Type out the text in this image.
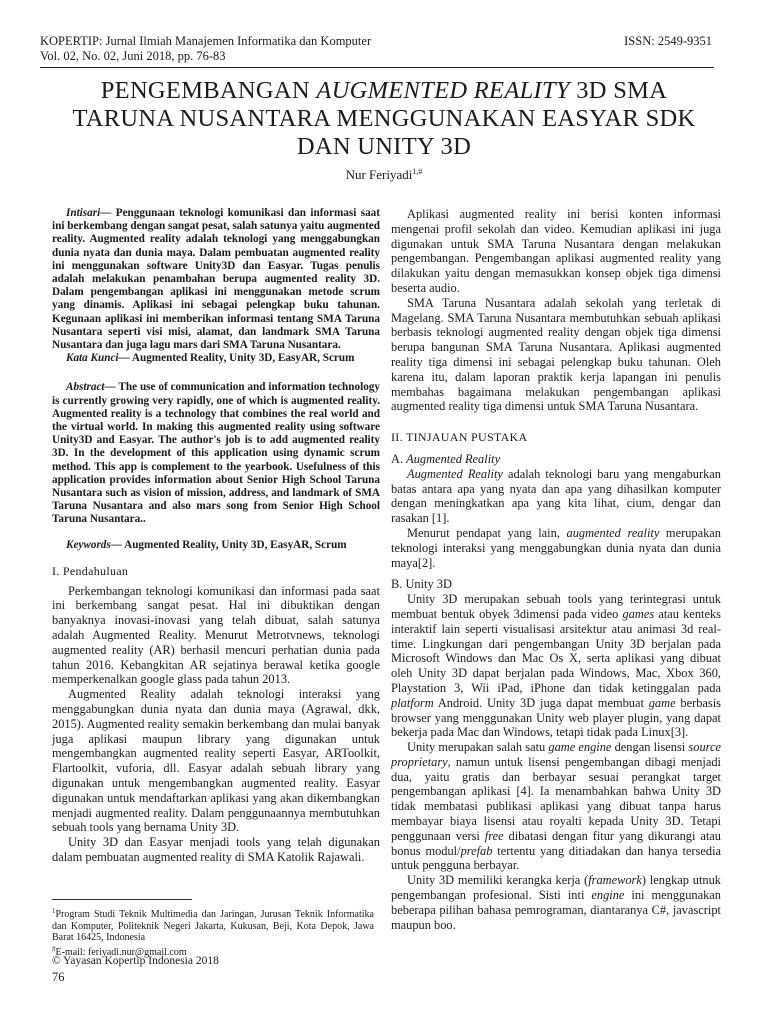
KOPERTIP: Jurnal Ilmiah Manajemen Informatika dan Komputer
Vol. 02, No. 02, Juni 2018, pp. 76-83
ISSN: 2549-9351
PENGEMBANGAN AUGMENTED REALITY 3D SMA TARUNA NUSANTARA MENGGUNAKAN EASYAR SDK DAN UNITY 3D
Nur Feriyadi$^{1,\#}$

Intisari— Penggunaan teknologi komunikasi dan informasi saat ini berkembang dengan sangat pesat, salah satunya yaitu augmented reality. Augmented reality adalah teknologi yang menggabungkan dunia nyata dan dunia maya. Dalam pembuatan augmented reality ini menggunakan software Unity3D dan Easyar. Tugas penulis adalah melakukan penambahan berupa augmented reality 3D. Dalam pengembangan aplikasi ini menggunakan metode scrum yang dinamis. Aplikasi ini sebagai pelengkap buku tahunan. Kegunaan aplikasi ini memberikan informasi tentang SMA Taruna Nusantara seperti visi misi, alamat, dan landmark SMA Taruna Nusantara dan juga lagu mars dari SMA Taruna Nusantara.

Kata Kunci— Augmented Reality, Unity 3D, EasyAR, Scrum

Abstract— The use of communication and information technology is currently growing very rapidly, one of which is augmented reality. Augmented reality is a technology that combines the real world and the virtual world. In making this augmented reality using software Unity3D and Easyar. The author's job is to add augmented reality 3D. In the development of this application using dynamic scrum method. This app is complement to the yearbook. Usefulness of this application provides information about Senior High School Taruna Nusantara such as vision of mission, address, and landmark of SMA Taruna Nusantara and also mars song from Senior High School Taruna Nusantara..

Keywords— Augmented Reality, Unity 3D, EasyAR, Scrum

I. Pendahuluan

Perkembangan teknologi komunikasi dan informasi pada saat ini berkembang sangat pesat. Hal ini dibuktikan dengan banyaknya inovasi-inovasi yang telah dibuat, salah satunya adalah Augmented Reality. Menurut Metrotvnews, teknologi augmented reality (AR) berhasil mencuri perhatian dunia pada tahun 2016. Kebangkitan AR sejatinya berawal ketika google memperkenalkan google glass pada tahun 2013.

Augmented Reality adalah teknologi interaksi yang menggabungkan dunia nyata dan dunia maya (Agrawal, dkk, 2015). Augmented reality semakin berkembang dan mulai banyak juga aplikasi maupun library yang digunakan untuk mengembangkan augmented reality seperti Easyar, ARToolkit, Flartoolkit, vuforia, dll. Easyar adalah sebuah library yang digunakan untuk mengembangkan augmented reality. Easyar digunakan untuk mendaftarkan aplikasi yang akan dikembangkan menjadi augmented reality. Dalam penggunaannya membutuhkan sebuah tools yang bernama Unity 3D.

Unity 3D dan Easyar menjadi tools yang telah digunakan dalam pembuatan augmented reality di SMA Katolik Rajawali.

Aplikasi augmented reality ini berisi konten informasi mengenai profil sekolah dan video. Kemudian aplikasi ini juga digunakan untuk SMA Taruna Nusantara dengan melakukan pengembangan. Pengembangan aplikasi augmented reality yang dilakukan yaitu dengan memasukkan konsep objek tiga dimensi beserta audio.

SMA Taruna Nusantara adalah sekolah yang terletak di Magelang. SMA Taruna Nusantara membutuhkan sebuah aplikasi berbasis teknologi augmented reality dengan objek tiga dimensi berupa bangunan SMA Taruna Nusantara. Aplikasi augmented reality tiga dimensi ini sebagai pelengkap buku tahunan. Oleh karena itu, dalam laporan praktik kerja lapangan ini penulis membahas bagaimana melakukan pengembangan aplikasi augmented reality tiga dimensi untuk SMA Taruna Nusantara.

II. TINJAUAN PUSTAKA

A. Augmented Reality

Augmented Reality adalah teknologi baru yang mengaburkan batas antara apa yang nyata dan apa yang dihasilkan komputer dengan meningkatkan apa yang kita lihat, cium, dengar dan rasakan [1].

Menurut pendapat yang lain, augmented reality merupakan teknologi interaksi yang menggabungkan dunia nyata dan dunia maya[2].

B. Unity 3D

Unity 3D merupakan sebuah tools yang terintegrasi untuk membuat bentuk obyek 3dimensi pada video games atau kenteks interaktif lain seperti visualisasi arsitektur atau animasi 3d real-time. Lingkungan dari pengembangan Unity 3D berjalan pada Microsoft Windows dan Mac Os X, serta aplikasi yang dibuat oleh Unity 3D dapat berjalan pada Windows, Mac, Xbox 360, Playstation 3, Wii iPad, iPhone dan tidak ketinggalan pada platform Android. Unity 3D juga dapat membuat game berbasis browser yang menggunakan Unity web player plugin, yang dapat bekerja pada Mac dan Windows, tetapi tidak pada Linux[3].

Unity merupakan salah satu game engine dengan lisensi source proprietary, namun untuk lisensi pengembangan dibagi menjadi dua, yaitu gratis dan berbayar sesuai perangkat target pengembangan aplikasi [4]. Ia menambahkan bahwa Unity 3D tidak membatasi publikasi aplikasi yang dibuat tanpa harus membayar biaya lisensi atau royalti kepada Unity 3D. Tetapi penggunaan versi free dibatasi dengan fitur yang dikurangi atau bonus modul/prefab tertentu yang ditiadakan dan hanya tersedia untuk pengguna berbayar.

Unity 3D memiliki kerangka kerja (framework) lengkap utnuk pengembangan profesional. Sisti inti engine ini menggunakan beberapa pilihan bahasa pemrograman, diantaranya C#, javascript maupun boo.

$^1$Program Studi Teknik Multimedia dan Jaringan, Jurusan Teknik Informatika dan Komputer, Politeknik Negeri Jakarta, Kukusan, Beji, Kota Depok, Jawa Barat 16425, Indonesia
#E-mail: feriyadi.nur@gmail.com
© Yayasan Kopertip Indonesia 2018
76
